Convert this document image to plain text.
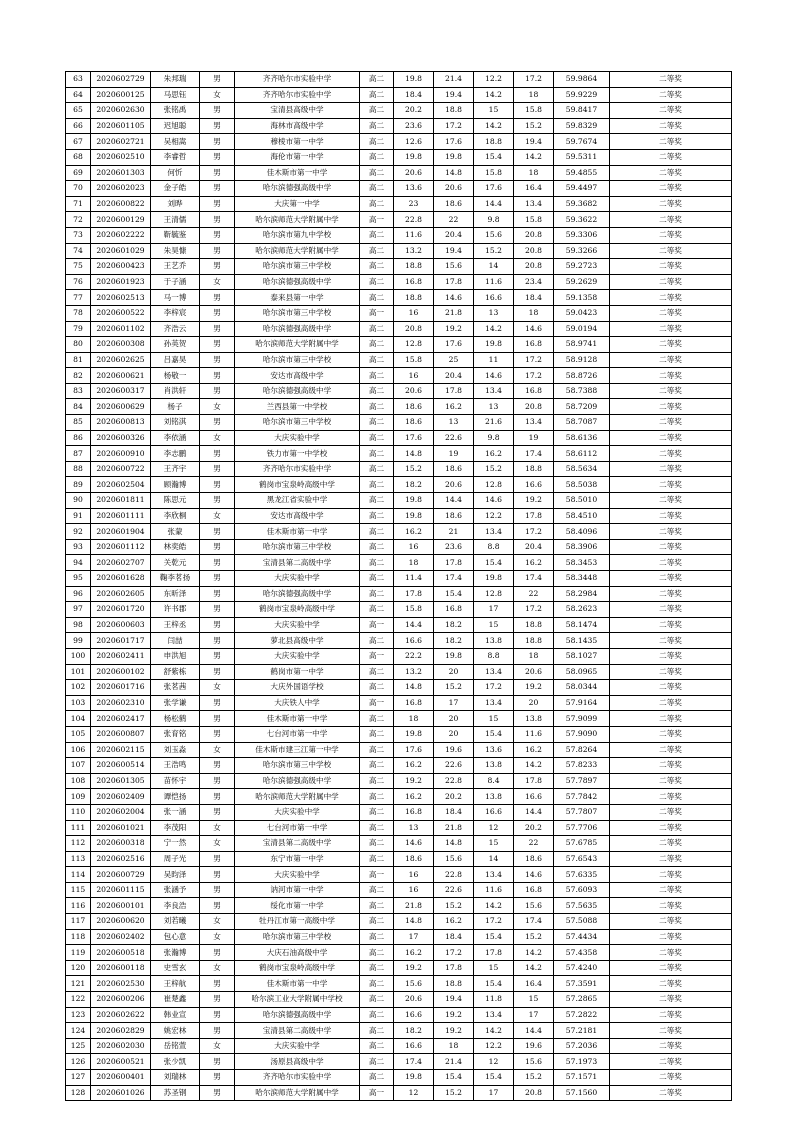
63	2020602729	朱邦瑞	男	齐齐哈尔市实验中学	高二	19.8	21.4	12.2	17.2	59.9864	二等奖
64	2020600125	马思钰	女	齐齐哈尔市实验中学	高二	18.4	19.4	14.2	18	59.9229	二等奖
65	2020602630	张铭禹	男	宝清县高级中学	高二	20.2	18.8	15	15.8	59.8417	二等奖
66	2020601105	迟旭聪	男	海林市高级中学	高二	23.6	17.2	14.2	15.2	59.8329	二等奖
67	2020602721	吴相嵩	男	穆棱市第一中学	高二	12.6	17.6	18.8	19.4	59.7674	二等奖
68	2020602510	李睿哲	男	海伦市第一中学	高二	19.8	19.8	15.4	14.2	59.5311	二等奖
69	2020601303	何忻	男	佳木斯市第一中学	高二	20.6	14.8	15.8	18	59.4855	二等奖
70	2020602023	金子皓	男	哈尔滨德强高级中学	高二	13.6	20.6	17.6	16.4	59.4497	二等奖
71	2020600822	刘晔	男	大庆第一中学	高二	23	18.6	14.4	13.4	59.3682	二等奖
72	2020600129	王清儒	男	哈尔滨师范大学附属中学	高一	22.8	22	9.8	15.8	59.3622	二等奖
73	2020602222	靳毓鉴	男	哈尔滨市第九中学校	高二	11.6	20.4	15.6	20.8	59.3306	二等奖
74	2020601029	朱昊慷	男	哈尔滨师范大学附属中学	高二	13.2	19.4	15.2	20.8	59.3266	二等奖
75	2020600423	王艺乔	男	哈尔滨市第三中学校	高二	18.8	15.6	14	20.8	59.2723	二等奖
76	2020601923	于子涵	女	哈尔滨德强高级中学	高二	16.8	17.8	11.6	23.4	59.2629	二等奖
77	2020602513	马一博	男	泰来县第一中学	高二	18.8	14.6	16.6	18.4	59.1358	二等奖
78	2020600522	李梓宸	男	哈尔滨市第三中学校	高一	16	21.8	13	18	59.0423	二等奖
79	2020601102	齐浩云	男	哈尔滨德强高级中学	高二	20.8	19.2	14.2	14.6	59.0194	二等奖
80	2020600308	孙英贺	男	哈尔滨师范大学附属中学	高二	12.8	17.6	19.8	16.8	58.9741	二等奖
81	2020602625	吕嘉昊	男	哈尔滨市第三中学校	高二	15.8	25	11	17.2	58.9128	二等奖
82	2020600621	杨敬一	男	安达市高级中学	高二	16	20.4	14.6	17.2	58.8726	二等奖
83	2020600317	肖洪轩	男	哈尔滨德强高级中学	高二	20.6	17.8	13.4	16.8	58.7388	二等奖
84	2020600629	杨子	女	兰西县第一中学校	高二	18.6	16.2	13	20.8	58.7209	二等奖
85	2020600813	刘铭淇	男	哈尔滨市第三中学校	高二	18.6	13	21.6	13.4	58.7087	二等奖
86	2020600326	李依涵	女	大庆实验中学	高二	17.6	22.6	9.8	19	58.6136	二等奖
87	2020600910	李志鹏	男	铁力市第一中学校	高二	14.8	19	16.2	17.4	58.6112	二等奖
88	2020600722	王齐宇	男	齐齐哈尔市实验中学	高二	15.2	18.6	15.2	18.8	58.5634	二等奖
89	2020602504	顾瀚博	男	鹤岗市宝泉岭高级中学	高二	18.2	20.6	12.8	16.6	58.5038	二等奖
90	2020601811	陈思元	男	黑龙江省实验中学	高二	19.8	14.4	14.6	19.2	58.5010	二等奖
91	2020601111	李欣桐	女	安达市高级中学	高二	19.8	18.6	12.2	17.8	58.4510	二等奖
92	2020601904	张蒙	男	佳木斯市第一中学	高二	16.2	21	13.4	17.2	58.4096	二等奖
93	2020601112	林奕皓	男	哈尔滨市第三中学校	高二	16	23.6	8.8	20.4	58.3906	二等奖
94	2020602707	关乾元	男	宝清县第二高级中学	高二	18	17.8	15.4	16.2	58.3453	二等奖
95	2020601628	鞠李茗扬	男	大庆实验中学	高二	11.4	17.4	19.8	17.4	58.3448	二等奖
96	2020602605	东昕泽	男	哈尔滨德强高级中学	高二	17.8	15.4	12.8	22	58.2984	二等奖
97	2020601720	许书郡	男	鹤岗市宝泉岭高级中学	高二	15.8	16.8	17	17.2	58.2623	二等奖
98	2020600603	王梓丞	男	大庆实验中学	高一	14.4	18.2	15	18.8	58.1474	二等奖
99	2020601717	闫喆	男	萝北县高级中学	高二	16.6	18.2	13.8	18.8	58.1435	二等奖
100	2020602411	申洪旭	男	大庆实验中学	高一	22.2	19.8	8.8	18	58.1027	二等奖
101	2020600102	舒紫栋	男	鹤岗市第一中学	高二	13.2	20	13.4	20.6	58.0965	二等奖
102	2020601716	张茗茜	女	大庆外国语学校	高二	14.8	15.2	17.2	19.2	58.0344	二等奖
103	2020602310	张学谦	男	大庆铁人中学	高一	16.8	17	13.4	20	57.9164	二等奖
104	2020602417	杨松鹤	男	佳木斯市第一中学	高二	18	20	15	13.8	57.9099	二等奖
105	2020600807	张育铭	男	七台河市第一中学	高二	19.8	20	15.4	11.6	57.9090	二等奖
106	2020602115	刘玉淼	女	佳木斯市建三江第一中学	高二	17.6	19.6	13.6	16.2	57.8264	二等奖
107	2020600514	王浩鸣	男	哈尔滨市第三中学校	高二	16.2	22.6	13.8	14.2	57.8233	二等奖
108	2020601305	苗怀宇	男	哈尔滨德强高级中学	高二	19.2	22.8	8.4	17.8	57.7897	二等奖
109	2020602409	谭恺扬	男	哈尔滨师范大学附属中学	高二	16.2	20.2	13.8	16.6	57.7842	二等奖
110	2020602004	张一涵	男	大庆实验中学	高二	16.8	18.4	16.6	14.4	57.7807	二等奖
111	2020601021	李茂阳	女	七台河市第一中学	高二	13	21.8	12	20.2	57.7706	二等奖
112	2020600318	宁一然	女	宝清县第二高级中学	高二	14.6	14.8	15	22	57.6785	二等奖
113	2020602516	周子光	男	东宁市第一中学	高二	18.6	15.6	14	18.6	57.6543	二等奖
114	2020600729	吴昀泽	男	大庆实验中学	高一	16	22.8	13.4	14.6	57.6335	二等奖
115	2020601115	张涵予	男	讷河市第一中学	高二	16	22.6	11.6	16.8	57.6093	二等奖
116	2020600101	李良浩	男	绥化市第一中学	高二	21.8	15.2	14.2	15.6	57.5635	二等奖
117	2020600620	刘若曦	女	牡丹江市第一高级中学	高二	14.8	16.2	17.2	17.4	57.5088	二等奖
118	2020602402	包心意	女	哈尔滨市第三中学校	高二	17	18.4	15.4	15.2	57.4434	二等奖
119	2020600518	张瀚博	男	大庆石油高级中学	高二	16.2	17.2	17.8	14.2	57.4358	二等奖
120	2020600118	史雪玄	女	鹤岗市宝泉岭高级中学	高二	19.2	17.8	15	14.2	57.4240	二等奖
121	2020602530	王梓航	男	佳木斯市第一中学	高二	15.6	18.8	15.4	16.4	57.3591	二等奖
122	2020600206	崔楚鑫	男	哈尔滨工业大学附属中学校	高二	20.6	19.4	11.8	15	57.2865	二等奖
123	2020602622	韩业宣	男	哈尔滨德强高级中学	高二	16.6	19.2	13.4	17	57.2822	二等奖
124	2020602829	姚宏林	男	宝清县第二高级中学	高二	18.2	19.2	14.2	14.4	57.2181	二等奖
125	2020602030	岳铭萱	女	大庆实验中学	高二	16.6	18	12.2	19.6	57.2036	二等奖
126	2020600521	张少凯	男	汤原县高级中学	高二	17.4	21.4	12	15.6	57.1973	二等奖
127	2020600401	刘瑞林	男	齐齐哈尔市实验中学	高二	19.8	15.4	15.4	15.2	57.1571	二等奖
128	2020601026	苏圣钢	男	哈尔滨师范大学附属中学	高一	12	15.2	17	20.8	57.1560	二等奖
